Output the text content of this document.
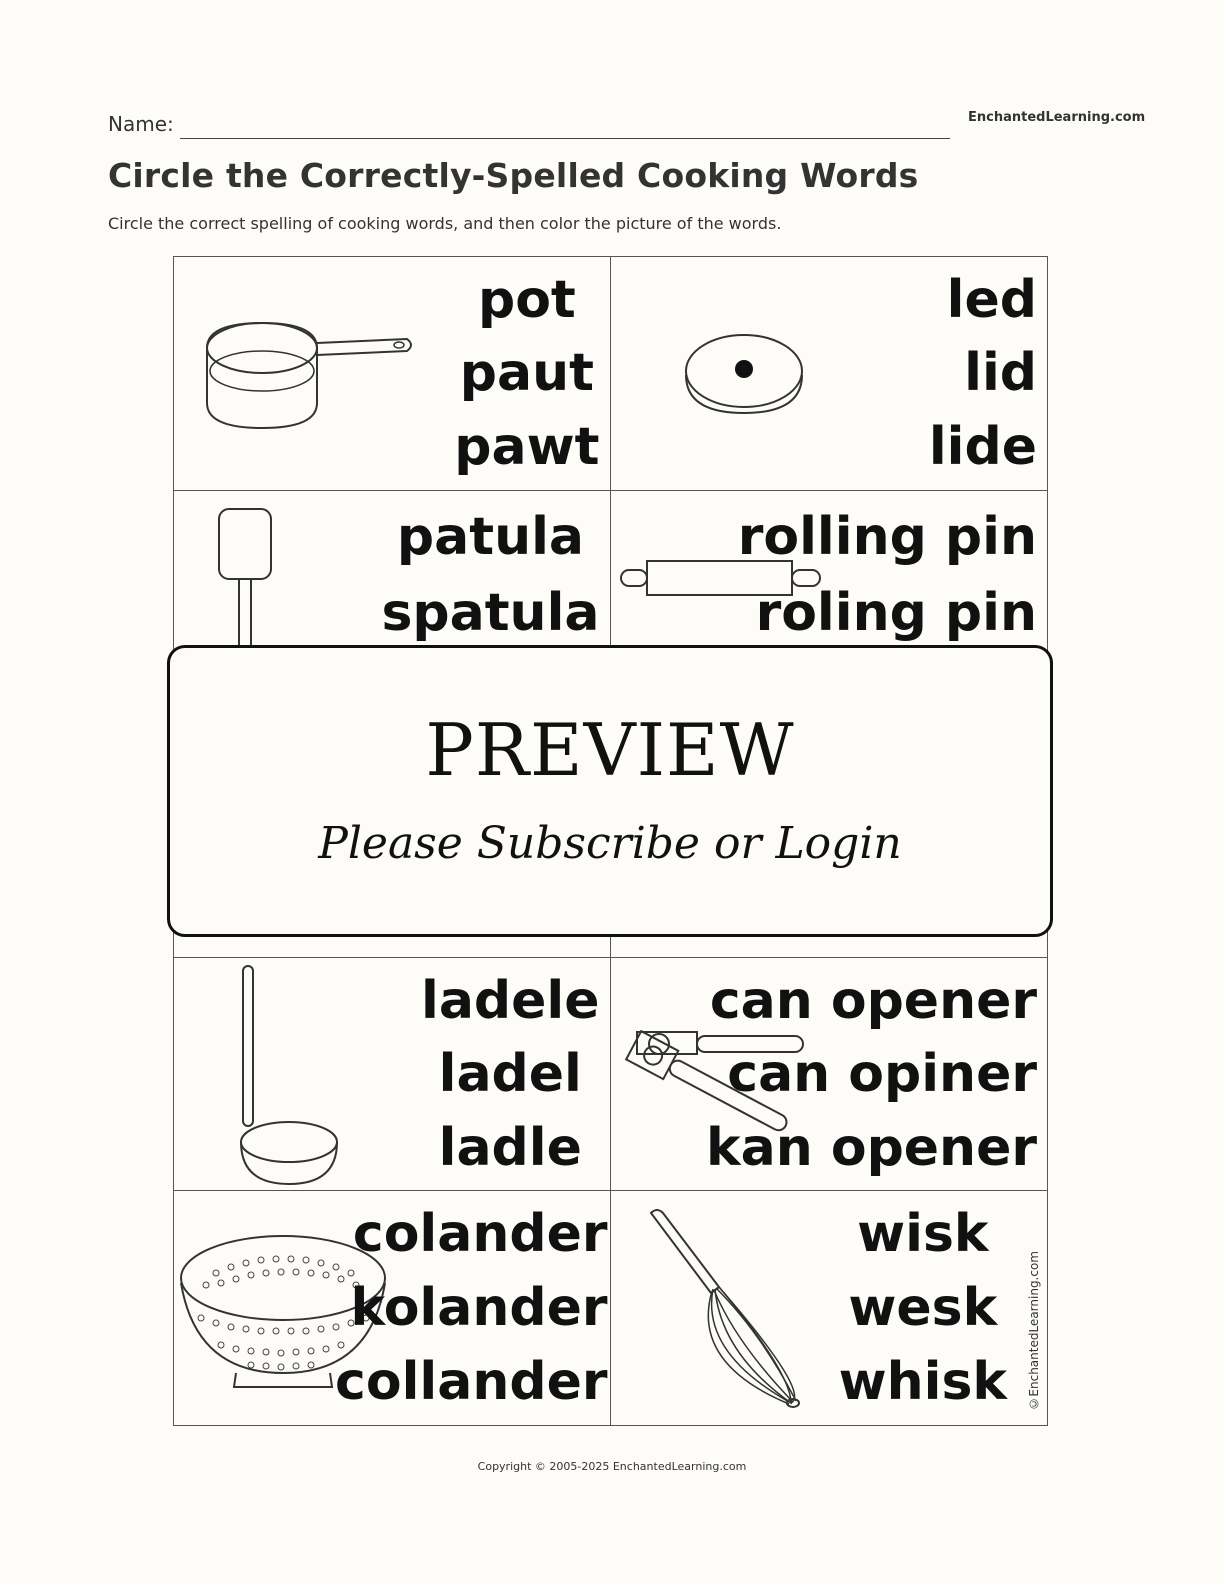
Name:	EnchantedLearning.com
Circle the Correctly-Spelled Cooking Words
Circle the correct spelling of cooking words, and then color the picture of the words.
pot
paut
pawt
led
lid
lide
patula
spatula
rolling pin
roling pin
ladele
ladel
ladle
can opener
can opiner
kan opener
colander
kolander
collander
wisk
wesk
whisk ©EnchantedLearning.com
PREVIEW
Please Subscribe or Login
Copyright © 2005-2025 EnchantedLearning.com
